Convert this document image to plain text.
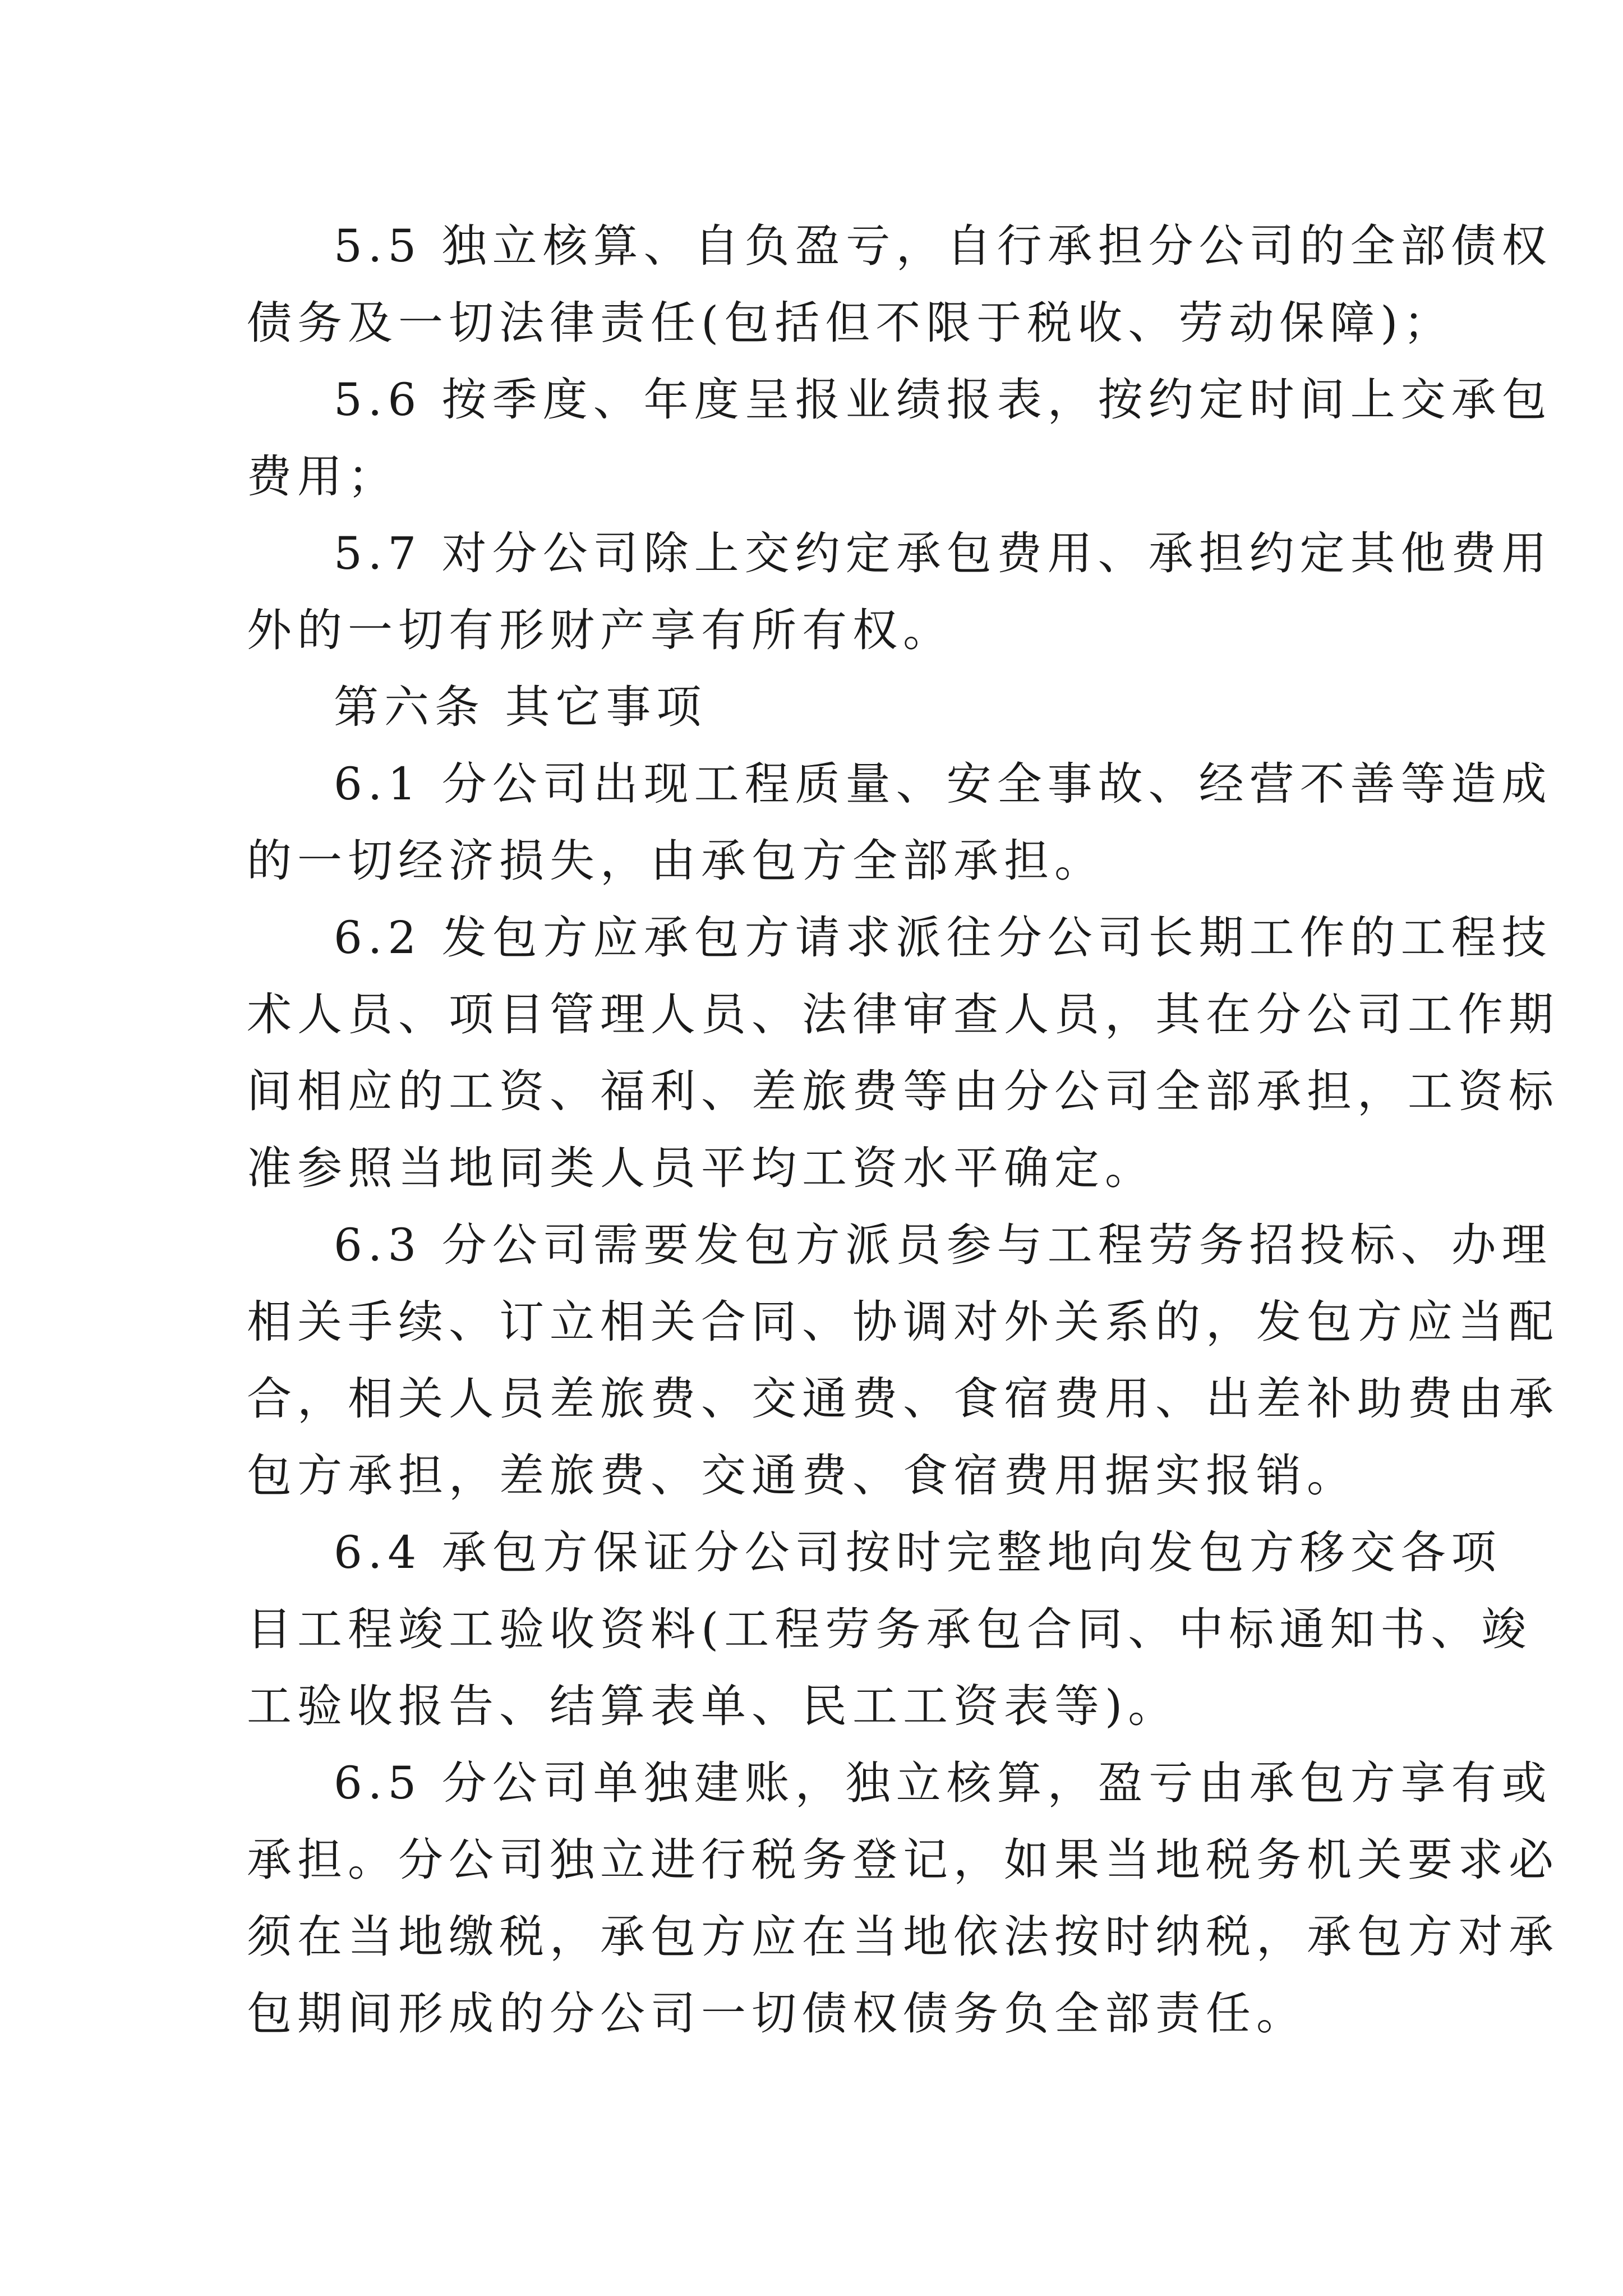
5.5 独立核算、自负盈亏，自行承担分公司的全部债权

债务及一切法律责任(包括但不限于税收、劳动保障)；

5.6 按季度、年度呈报业绩报表，按约定时间上交承包

费用；

5.7 对分公司除上交约定承包费用、承担约定其他费用

外的一切有形财产享有所有权。

第六条 其它事项

6.1 分公司出现工程质量、安全事故、经营不善等造成

的一切经济损失，由承包方全部承担。

6.2 发包方应承包方请求派往分公司长期工作的工程技

术人员、项目管理人员、法律审查人员，其在分公司工作期

间相应的工资、福利、差旅费等由分公司全部承担，工资标

准参照当地同类人员平均工资水平确定。

6.3 分公司需要发包方派员参与工程劳务招投标、办理

相关手续、订立相关合同、协调对外关系的，发包方应当配

合，相关人员差旅费、交通费、食宿费用、出差补助费由承

包方承担，差旅费、交通费、食宿费用据实报销。

6.4 承包方保证分公司按时完整地向发包方移交各项

目工程竣工验收资料(工程劳务承包合同、中标通知书、竣

工验收报告、结算表单、民工工资表等)。

6.5 分公司单独建账，独立核算，盈亏由承包方享有或

承担。分公司独立进行税务登记，如果当地税务机关要求必

须在当地缴税，承包方应在当地依法按时纳税，承包方对承

包期间形成的分公司一切债权债务负全部责任。
